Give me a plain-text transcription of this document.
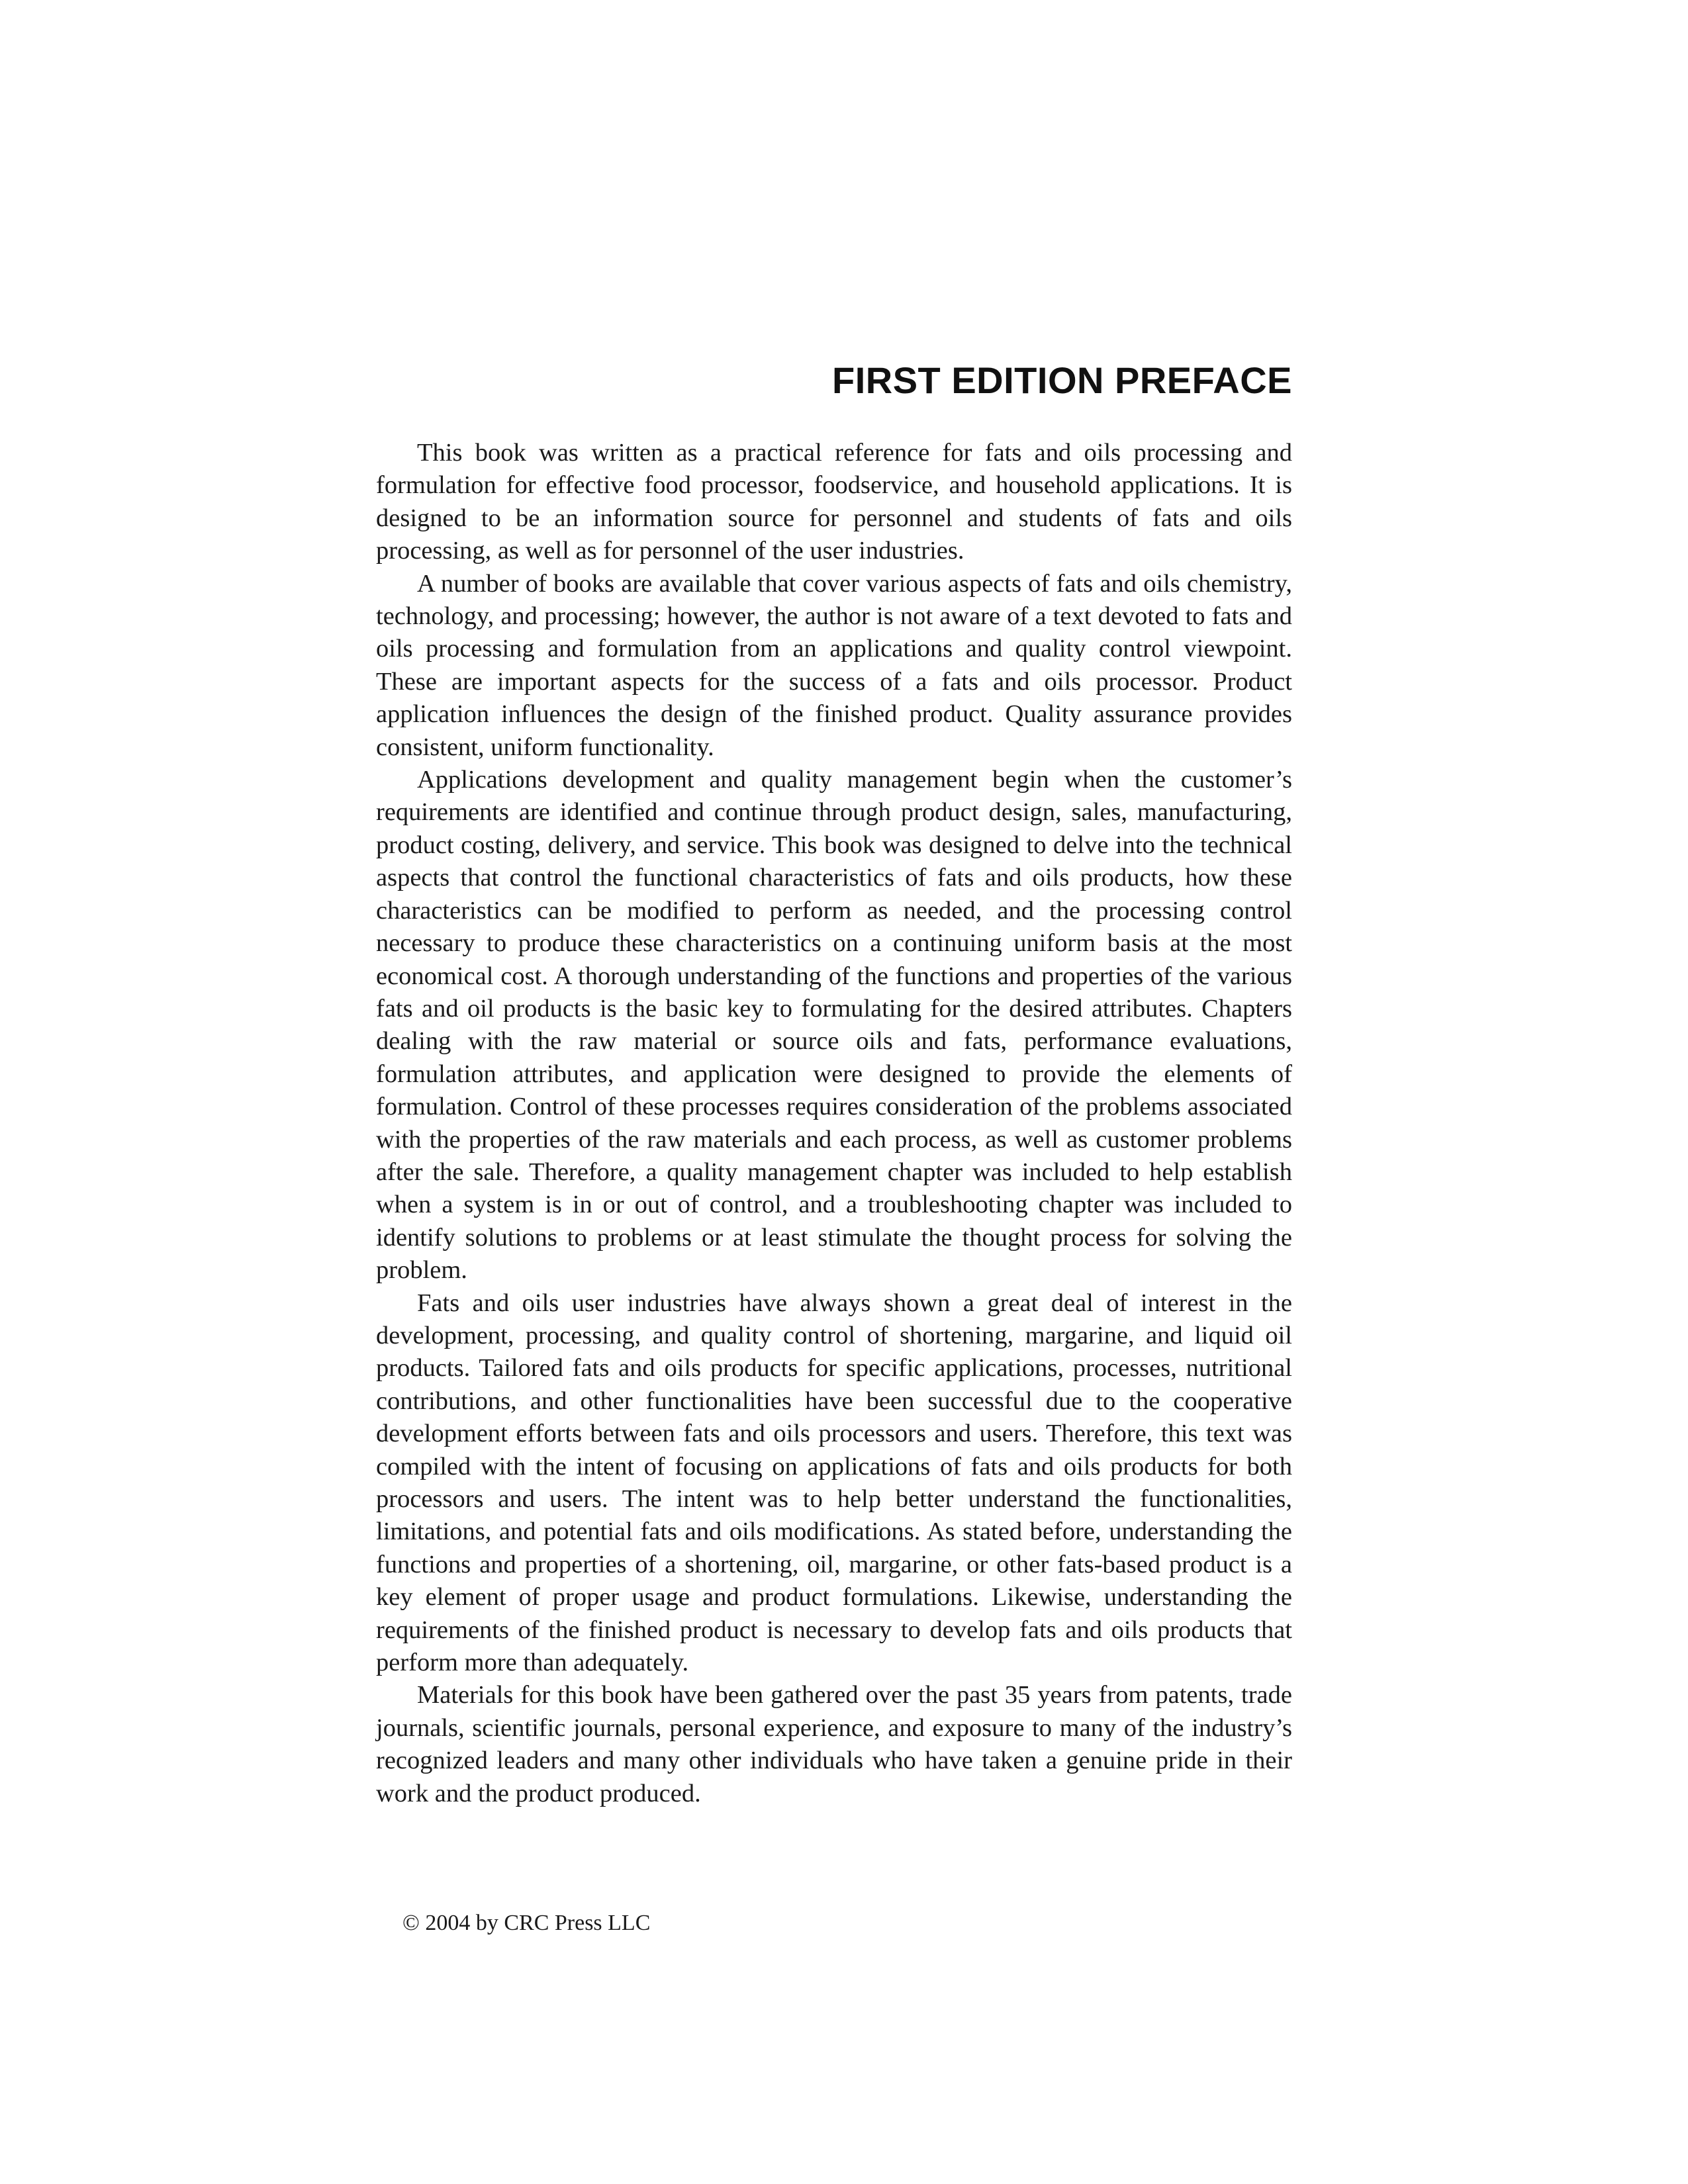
FIRST EDITION PREFACE

This book was written as a practical reference for fats and oils processing and formulation for effective food processor, foodservice, and household applications. It is designed to be an information source for personnel and students of fats and oils processing, as well as for personnel of the user industries.

A number of books are available that cover various aspects of fats and oils chemistry, technology, and processing; however, the author is not aware of a text devoted to fats and oils processing and formulation from an applications and quality control viewpoint. These are important aspects for the success of a fats and oils processor. Product application influences the design of the finished product. Quality assurance provides consistent, uniform functionality.

Applications development and quality management begin when the customer’s requirements are identified and continue through product design, sales, manufacturing, product costing, delivery, and service. This book was designed to delve into the technical aspects that control the functional characteristics of fats and oils products, how these characteristics can be modified to perform as needed, and the processing control necessary to produce these characteristics on a continuing uniform basis at the most economical cost. A thorough understanding of the functions and properties of the various fats and oil products is the basic key to formulating for the desired attributes. Chapters dealing with the raw material or source oils and fats, performance evaluations, formulation attributes, and application were designed to provide the elements of formulation. Control of these processes requires consideration of the problems associated with the properties of the raw materials and each process, as well as customer problems after the sale. Therefore, a quality management chapter was included to help establish when a system is in or out of control, and a troubleshooting chapter was included to identify solutions to problems or at least stimulate the thought process for solving the problem.

Fats and oils user industries have always shown a great deal of interest in the development, processing, and quality control of shortening, margarine, and liquid oil products. Tailored fats and oils products for specific applications, processes, nutritional contributions, and other functionalities have been successful due to the cooperative development efforts between fats and oils processors and users. Therefore, this text was compiled with the intent of focusing on applications of fats and oils products for both processors and users. The intent was to help better understand the functionalities, limitations, and potential fats and oils modifications. As stated before, understanding the functions and properties of a shortening, oil, margarine, or other fats-based product is a key element of proper usage and product formulations. Likewise, understanding the requirements of the finished product is necessary to develop fats and oils products that perform more than adequately.

Materials for this book have been gathered over the past 35 years from patents, trade journals, scientific journals, personal experience, and exposure to many of the industry’s recognized leaders and many other individuals who have taken a genuine pride in their work and the product produced.

© 2004 by CRC Press LLC
